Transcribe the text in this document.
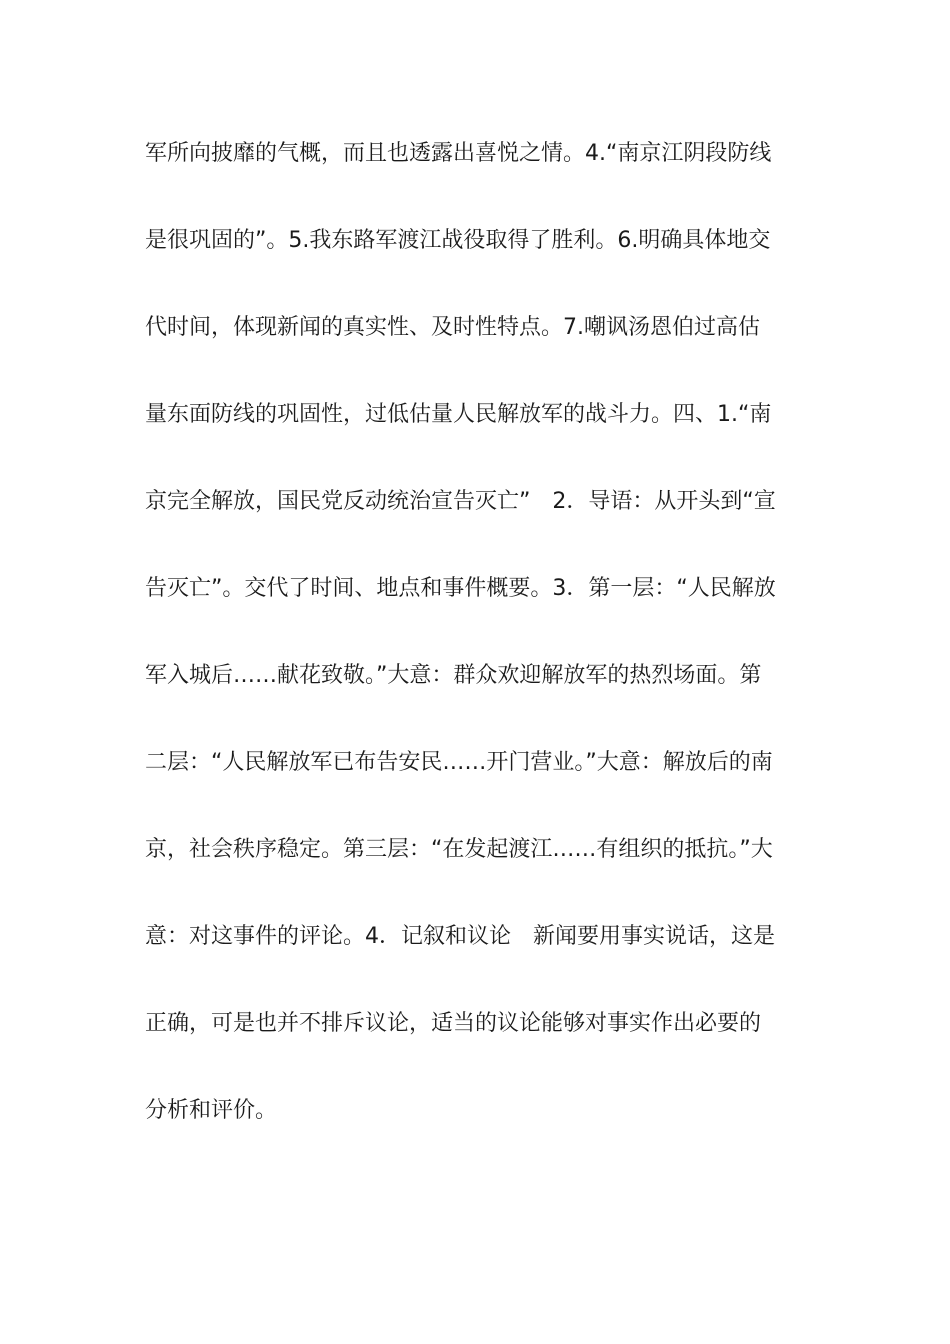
军所向披靡的气概，而且也透露出喜悦之情。4.“南京江阴段防线
是很巩固的”。5.我东路军渡江战役取得了胜利。6.明确具体地交
代时间，体现新闻的真实性、及时性特点。7.嘲讽汤恩伯过高估
量东面防线的巩固性，过低估量人民解放军的战斗力。四、1.“南
京完全解放，国民党反动统治宣告灭亡”　2．导语：从开头到“宣
告灭亡”。交代了时间、地点和事件概要。3．第一层：“人民解放
军入城后……献花致敬。”大意：群众欢迎解放军的热烈场面。第
二层：“人民解放军已布告安民……开门营业。”大意：解放后的南
京，社会秩序稳定。第三层：“在发起渡江……有组织的抵抗。”大
意：对这事件的评论。4．记叙和议论　新闻要用事实说话，这是
正确，可是也并不排斥议论，适当的议论能够对事实作出必要的
分析和评价。
